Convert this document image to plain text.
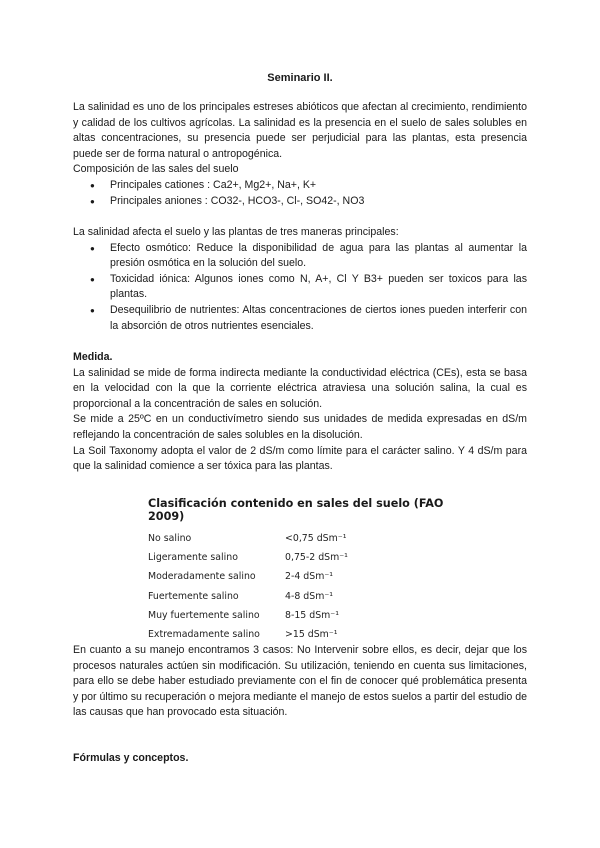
Seminario II.

La salinidad es uno de los principales estreses abióticos que afectan al crecimiento, rendimiento y calidad de los cultivos agrícolas. La salinidad es la presencia en el suelo de sales solubles en altas concentraciones, su presencia puede ser perjudicial para las plantas, esta presencia puede ser de forma natural o antropogénica.

Composición de las sales del suelo

● Principales cationes : Ca2+, Mg2+, Na+, K+
● Principales aniones : CO32-, HCO3-, Cl-, SO42-, NO3

La salinidad afecta el suelo y las plantas de tres maneras principales:

● Efecto osmótico: Reduce la disponibilidad de agua para las plantas al aumentar la presión osmótica en la solución del suelo.
● Toxicidad iónica: Algunos iones como N, A+, Cl Y B3+ pueden ser toxicos para las plantas.
● Desequilibrio de nutrientes: Altas concentraciones de ciertos iones pueden interferir con la absorción de otros nutrientes esenciales.

Medida.

La salinidad se mide de forma indirecta mediante la conductividad eléctrica (CEs), esta se basa en la velocidad con la que la corriente eléctrica atraviesa una solución salina, la cual es proporcional a la concentración de sales en solución.

Se mide a 25ºC en un conductivímetro siendo sus unidades de medida expresadas en dS/m reflejando la concentración de sales solubles en la disolución.

La Soil Taxonomy adopta el valor de 2 dS/m como límite para el carácter salino. Y 4 dS/m para que la salinidad comience a ser tóxica para las plantas.

Clasificación contenido en sales del suelo (FAO 2009)
No salino	<0,75 dSm⁻¹
Ligeramente salino	0,75-2 dSm⁻¹
Moderadamente salino	2-4 dSm⁻¹
Fuertemente salino	4-8 dSm⁻¹
Muy fuertemente salino	8-15 dSm⁻¹
Extremadamente salino	>15 dSm⁻¹

En cuanto a su manejo encontramos 3 casos: No Intervenir sobre ellos, es decir, dejar que los procesos naturales actúen sin modificación. Su utilización, teniendo en cuenta sus limitaciones, para ello se debe haber estudiado previamente con el fin de conocer qué problemática presenta y por último su recuperación o mejora mediante el manejo de estos suelos a partir del estudio de las causas que han provocado esta situación.

Fórmulas y conceptos.
